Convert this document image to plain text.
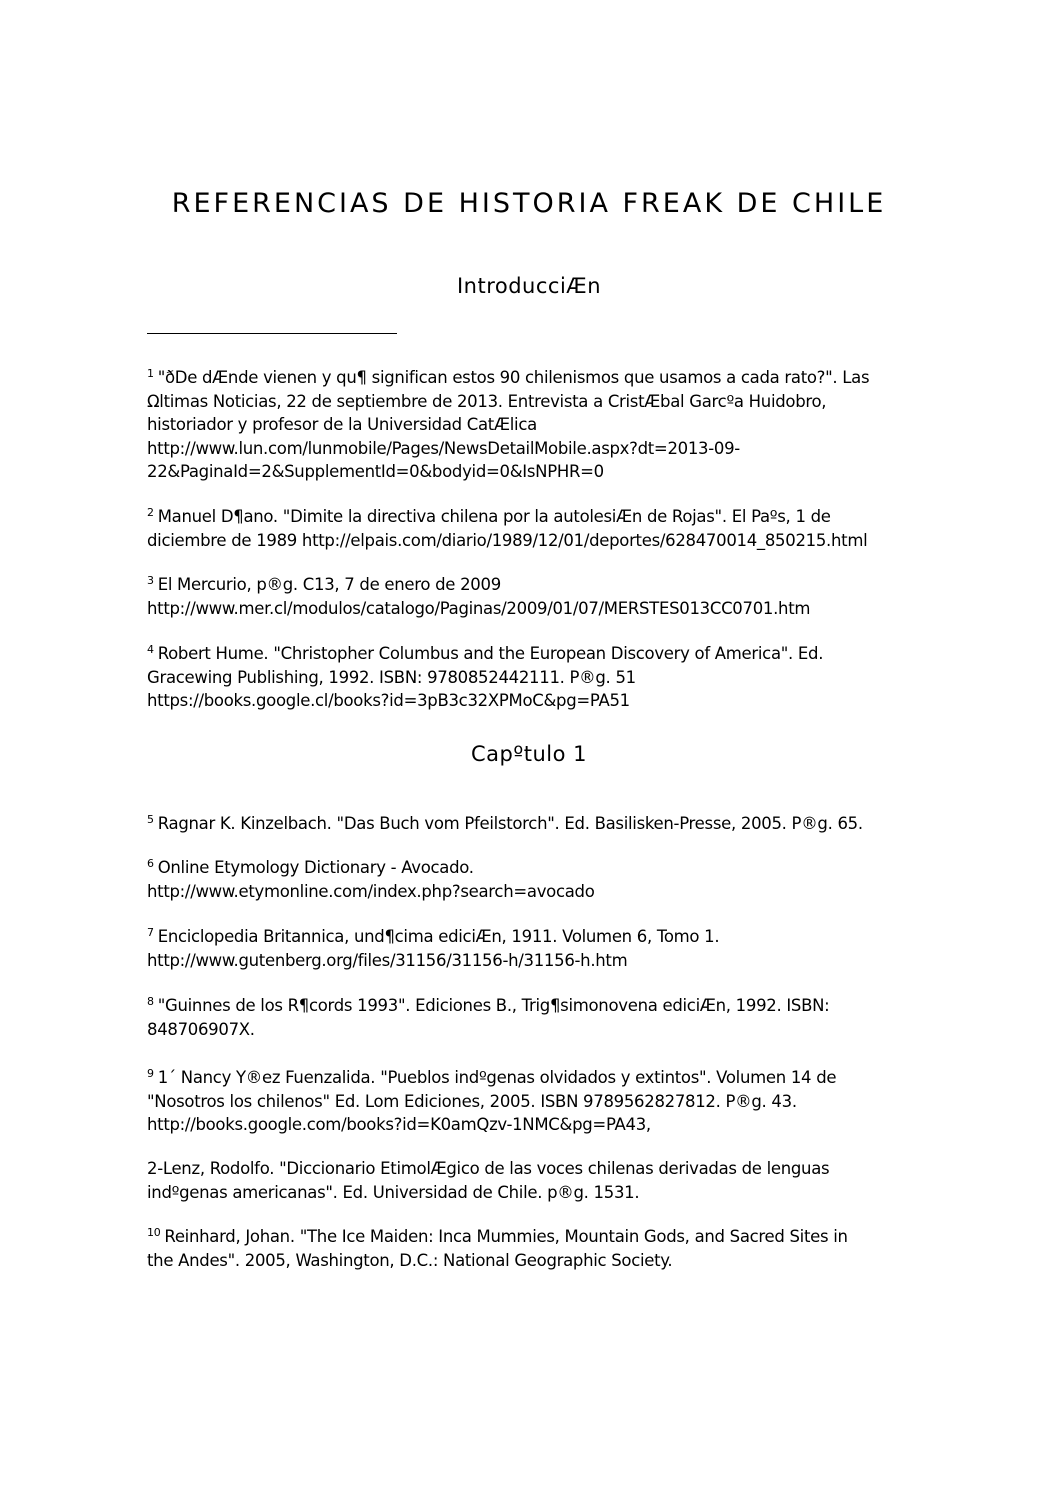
REFERENCIAS DE HISTORIA FREAK DE CHILE
IntroducciÆn

$^1$ "ðDe dÆnde vienen y qu¶ significan estos 90 chilenismos que usamos a cada rato?". Las
Ωltimas Noticias, 22 de septiembre de 2013. Entrevista a CristÆbal Garcºa Huidobro,
historiador y profesor de la Universidad CatÆlica
http://www.lun.com/lunmobile/Pages/NewsDetailMobile.aspx?dt=2013-09-
22&PaginaId=2&SupplementId=0&bodyid=0&IsNPHR=0

$^2$ Manuel D¶ano. "Dimite la directiva chilena por la autolesiÆn de Rojas". El Paºs, 1 de
diciembre de 1989 http://elpais.com/diario/1989/12/01/deportes/628470014_850215.html

$^3$ El Mercurio, p®g. C13, 7 de enero de 2009
http://www.mer.cl/modulos/catalogo/Paginas/2009/01/07/MERSTES013CC0701.htm

$^4$ Robert Hume. "Christopher Columbus and the European Discovery of America". Ed.
Gracewing Publishing, 1992. ISBN: 9780852442111. P®g. 51
https://books.google.cl/books?id=3pB3c32XPMoC&pg=PA51

Capºtulo 1

$^5$ Ragnar K. Kinzelbach. "Das Buch vom Pfeilstorch". Ed. Basilisken-Presse, 2005. P®g. 65.

$^6$ Online Etymology Dictionary - Avocado.
http://www.etymonline.com/index.php?search=avocado

$^7$ Enciclopedia Britannica, und¶cima ediciÆn, 1911. Volumen 6, Tomo 1.
http://www.gutenberg.org/files/31156/31156-h/31156-h.htm

$^8$ "Guinnes de los R¶cords 1993". Ediciones B., Trig¶simonovena ediciÆn, 1992. ISBN:
848706907X.

$^9$ 1´ Nancy Y®ez Fuenzalida. "Pueblos indºgenas olvidados y extintos". Volumen 14 de
"Nosotros los chilenos" Ed. Lom Ediciones, 2005. ISBN 9789562827812. P®g. 43.
http://books.google.com/books?id=K0amQzv-1NMC&pg=PA43,

2-Lenz, Rodolfo. "Diccionario EtimolÆgico de las voces chilenas derivadas de lenguas
indºgenas americanas". Ed. Universidad de Chile. p®g. 1531.

$^{10}$ Reinhard, Johan. "The Ice Maiden: Inca Mummies, Mountain Gods, and Sacred Sites in
the Andes". 2005, Washington, D.C.: National Geographic Society.
